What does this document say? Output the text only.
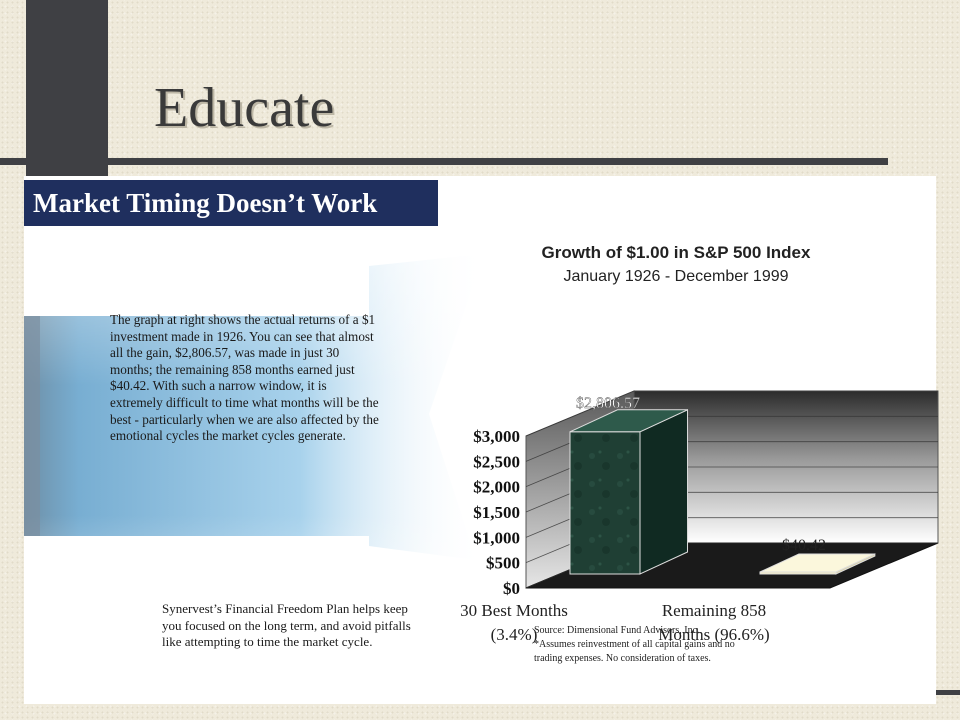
Educate
Market Timing Doesn’t Work
The graph at right shows the actual returns of a $1 investment made in 1926. You can see that almost all the gain, $2,806.57, was made in just 30 months; the remaining 858 months earned just $40.42. With such a narrow window, it is extremely difficult to time what months will be the best - particularly when we are also affected by the emotional cycles the market cycles generate.
Synervest’s Financial Freedom Plan helps keep you focused on the long term, and avoid pitfalls like attempting to time the market cycle.
Growth of $1.00 in S&P 500 Index
January 1926 - December 1999
$0
$500
$1,000
$1,500
$2,000
$2,500
$3,000
$2,806.57
$40.42
30 Best Months
(3.4%)
Remaining 858
Months (96.6%)
Source: Dimensional Fund Advisors, Inc.
*Assumes reinvestment of all capital gains and no
trading expenses. No consideration of taxes.
